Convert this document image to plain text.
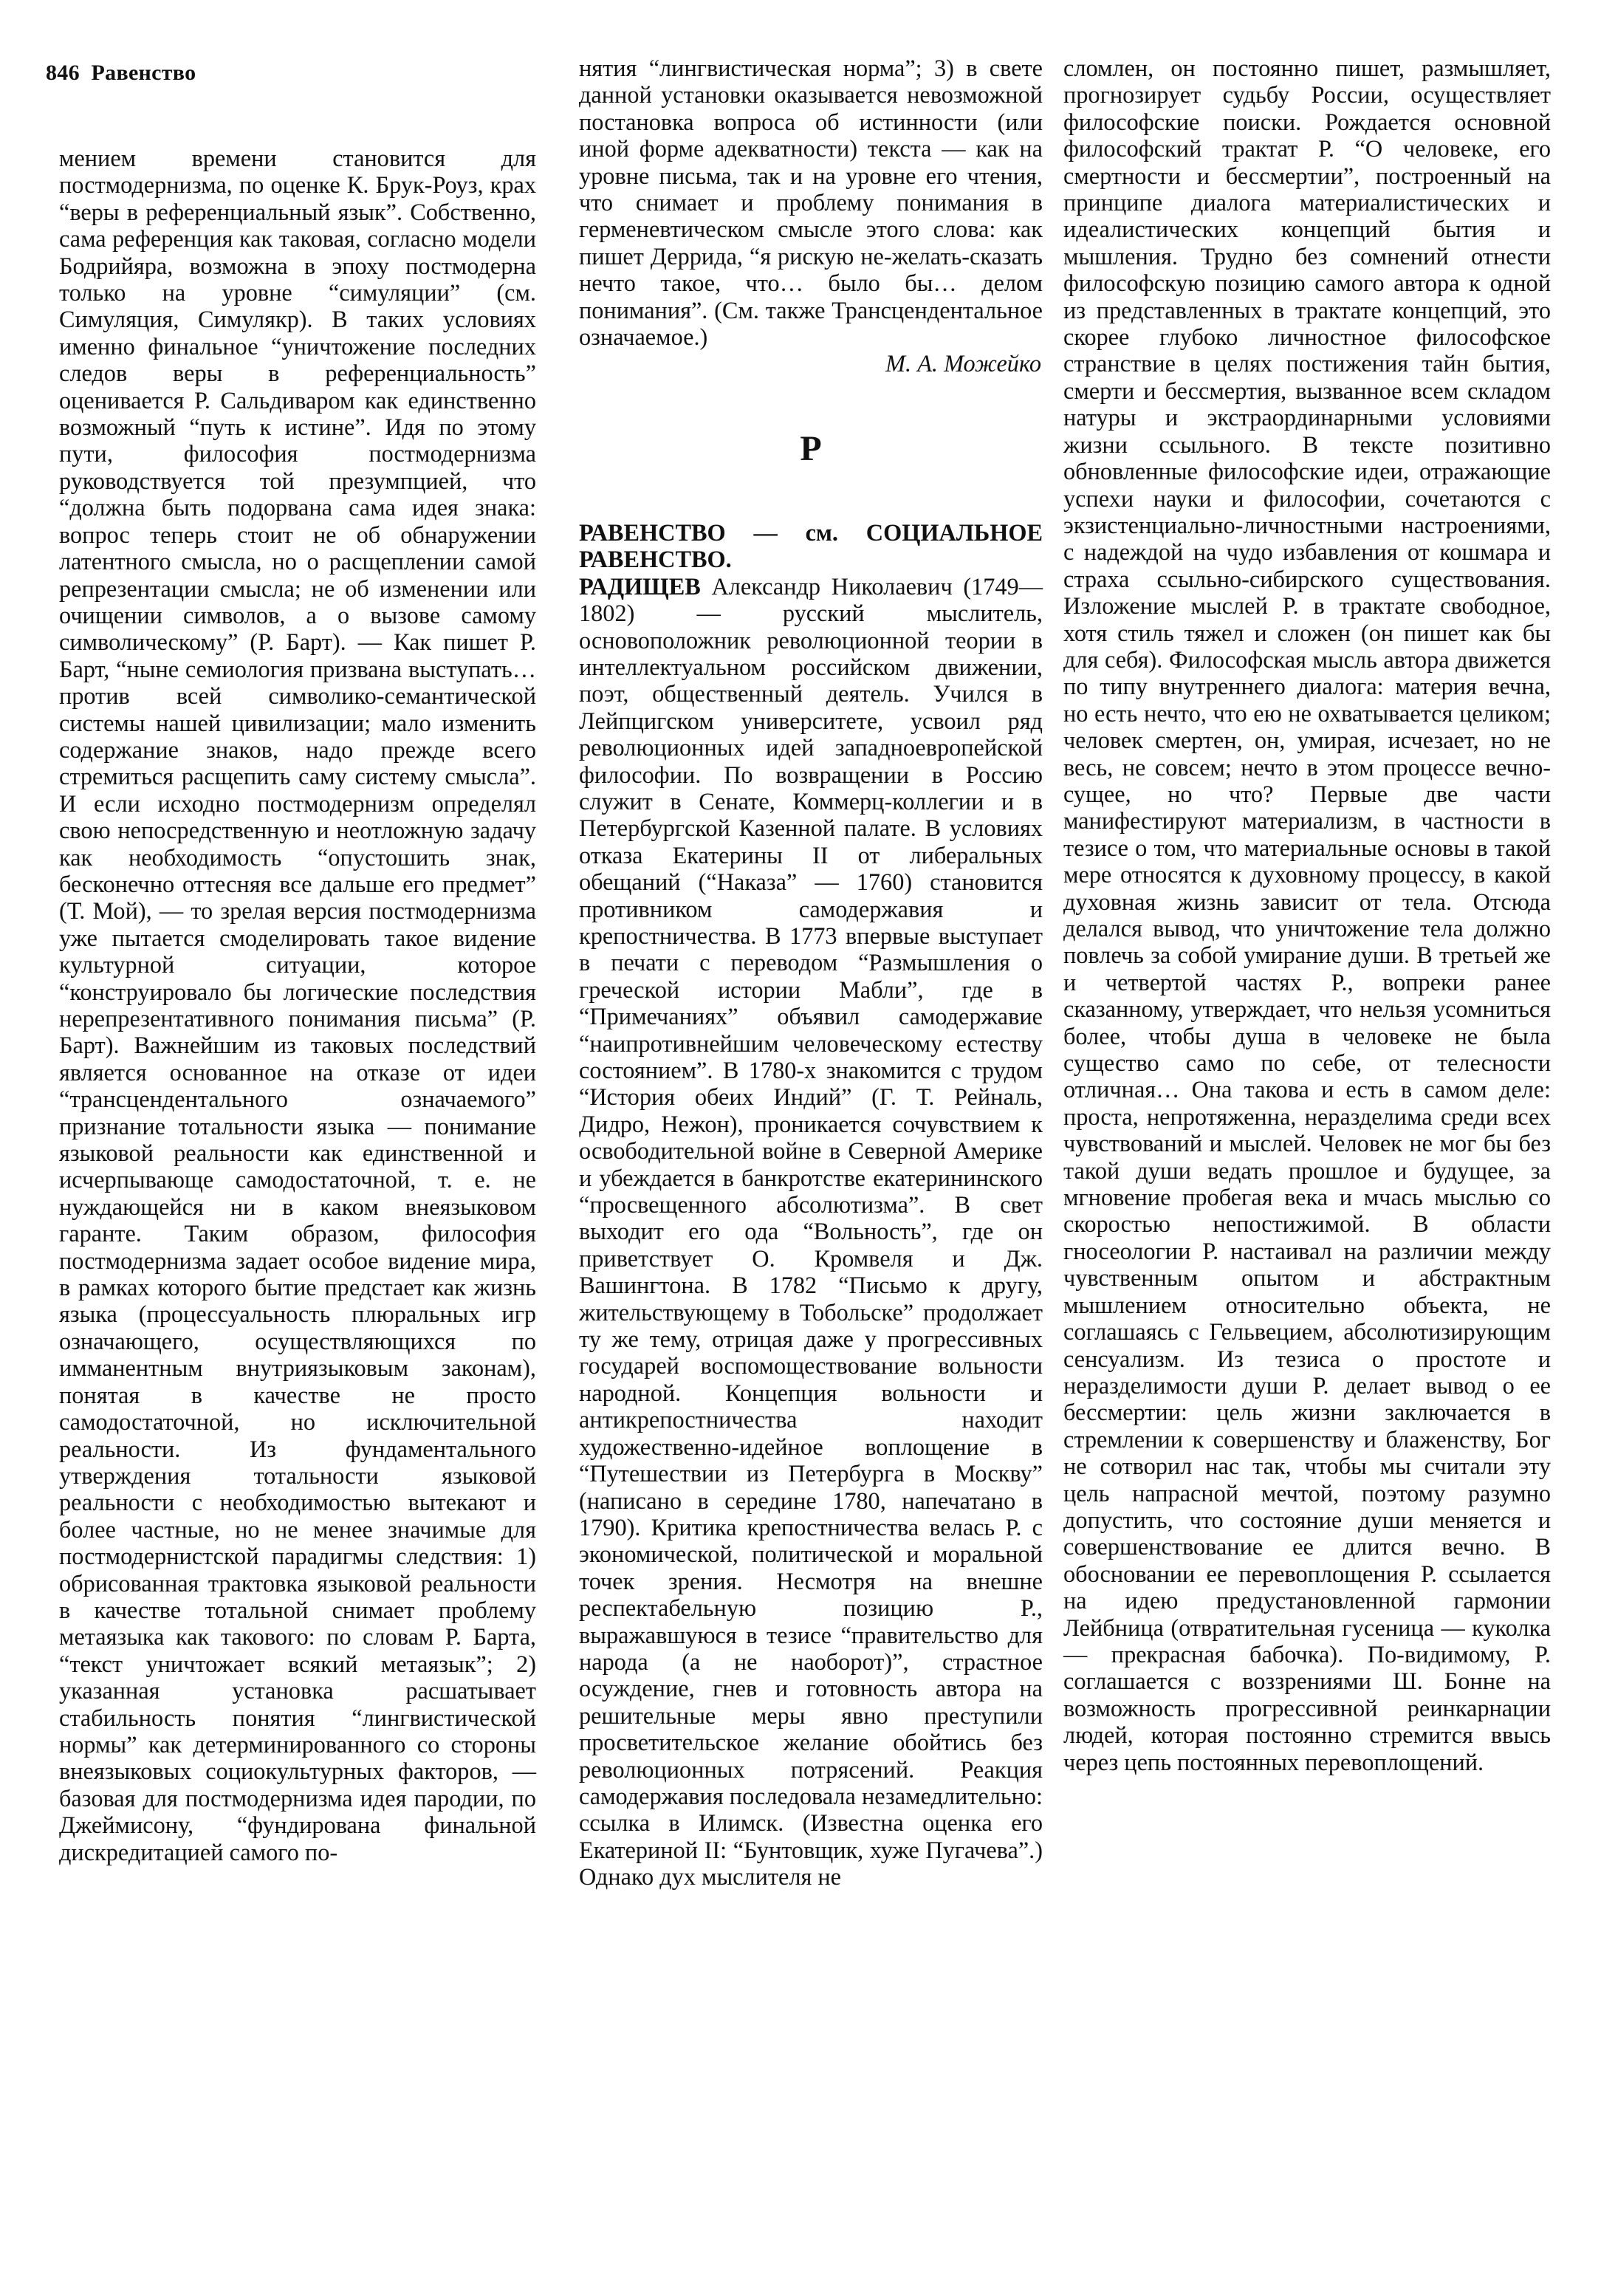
846 Равенство

мением времени становится для постмодернизма, по оценке К. Брук-Роуз, крах “веры в референциальный язык”. Собственно, сама референция как таковая, согласно модели Бодрийяра, возможна в эпоху постмодерна только на уровне “симуляции” (см. Симуляция, Симулякр). В таких условиях именно финальное “уничтожение последних следов веры в референциальность” оценивается Р. Сальдиваром как единственно возможный “путь к истине”. Идя по этому пути, философия постмодернизма руководствуется той презумпцией, что “должна быть подорвана сама идея знака: вопрос теперь стоит не об обнаружении латентного смысла, но о расщеплении самой репрезентации смысла; не об изменении или очищении символов, а о вызове самому символическому” (Р. Барт). — Как пишет Р. Барт, “ныне семиология призвана выступать… против всей символико-семантической системы нашей цивилизации; мало изменить содержание знаков, надо прежде всего стремиться расщепить саму систему смысла”. И если исходно постмодернизм определял свою непосредственную и неотложную задачу как необходимость “опустошить знак, бесконечно оттесняя все дальше его предмет” (Т. Мой), — то зрелая версия постмодернизма уже пытается смоделировать такое видение культурной ситуации, которое “конструировало бы логические последствия нерепрезентативного понимания письма” (Р. Барт). Важнейшим из таковых последствий является основанное на отказе от идеи “трансцендентального означаемого” признание тотальности языка — понимание языковой реальности как единственной и исчерпывающе самодостаточной, т. е. не нуждающейся ни в каком внеязыковом гаранте. Таким образом, философия постмодернизма задает особое видение мира, в рамках которого бытие предстает как жизнь языка (процессуальность плюральных игр означающего, осуществляющихся по имманентным внутриязыковым законам), понятая в качестве не просто самодостаточной, но исключительной реальности. Из фундаментального утверждения тотальности языковой реальности с необходимостью вытекают и более частные, но не менее значимые для постмодернистской парадигмы следствия: 1) обрисованная трактовка языковой реальности в качестве тотальной снимает проблему метаязыка как такового: по словам Р. Барта, “текст уничтожает всякий метаязык”; 2) указанная установка расшатывает стабильность понятия “лингвистической нормы” как детерминированного со стороны внеязыковых социокультурных факторов, — базовая для постмодернизма идея пародии, по Джеймисону, “фундирована финальной дискредитацией самого по-

нятия “лингвистическая норма”; 3) в свете данной установки оказывается невозможной постановка вопроса об истинности (или иной форме адекватности) текста — как на уровне письма, так и на уровне его чтения, что снимает и проблему понимания в герменевтическом смысле этого слова: как пишет Деррида, “я рискую не-желать-сказать нечто такое, что… было бы… делом понимания”. (См. также Трансцендентальное означаемое.)

М. А. Можейко

Р

РАВЕНСТВО — см. СОЦИАЛЬНОЕ РАВЕНСТВО.

РАДИЩЕВ Александр Николаевич (1749—1802) — русский мыслитель, основоположник революционной теории в интеллектуальном российском движении, поэт, общественный деятель. Учился в Лейпцигском университете, усвоил ряд революционных идей западноевропейской философии. По возвращении в Россию служит в Сенате, Коммерц-коллегии и в Петербургской Казенной палате. В условиях отказа Екатерины II от либеральных обещаний (“Наказа” — 1760) становится противником самодержавия и крепостничества. В 1773 впервые выступает в печати с переводом “Размышления о греческой истории Мабли”, где в “Примечаниях” объявил самодержавие “наипротивнейшим человеческому естеству состоянием”. В 1780-х знакомится с трудом “История обеих Индий” (Г. Т. Рейналь, Дидро, Нежон), проникается сочувствием к освободительной войне в Северной Америке и убеждается в банкротстве екатерининского “просвещенного абсолютизма”. В свет выходит его ода “Вольность”, где он приветствует О. Кромвеля и Дж. Вашингтона. В 1782 “Письмо к другу, жительствующему в Тобольске” продолжает ту же тему, отрицая даже у прогрессивных государей воспомоществование вольности народной. Концепция вольности и антикрепостничества находит художественно-идейное воплощение в “Путешествии из Петербурга в Москву” (написано в середине 1780, напечатано в 1790). Критика крепостничества велась Р. с экономической, политической и моральной точек зрения. Несмотря на внешне респектабельную позицию Р., выражавшуюся в тезисе “правительство для народа (а не наоборот)”, страстное осуждение, гнев и готовность автора на решительные меры явно преступили просветительское желание обойтись без революционных потрясений. Реакция самодержавия последовала незамедлительно: ссылка в Илимск. (Известна оценка его Екатериной II: “Бунтовщик, хуже Пугачева”.) Однако дух мыслителя не

сломлен, он постоянно пишет, размышляет, прогнозирует судьбу России, осуществляет философские поиски. Рождается основной философский трактат Р. “О человеке, его смертности и бессмертии”, построенный на принципе диалога материалистических и идеалистических концепций бытия и мышления. Трудно без сомнений отнести философскую позицию самого автора к одной из представленных в трактате концепций, это скорее глубоко личностное философское странствие в целях постижения тайн бытия, смерти и бессмертия, вызванное всем складом натуры и экстраординарными условиями жизни ссыльного. В тексте позитивно обновленные философские идеи, отражающие успехи науки и философии, сочетаются с экзистенциально-личностными настроениями, с надеждой на чудо избавления от кошмара и страха ссыльно-сибирского существования. Изложение мыслей Р. в трактате свободное, хотя стиль тяжел и сложен (он пишет как бы для себя). Философская мысль автора движется по типу внутреннего диалога: материя вечна, но есть нечто, что ею не охватывается целиком; человек смертен, он, умирая, исчезает, но не весь, не совсем; нечто в этом процессе вечно-сущее, но что? Первые две части манифестируют материализм, в частности в тезисе о том, что материальные основы в такой мере относятся к духовному процессу, в какой духовная жизнь зависит от тела. Отсюда делался вывод, что уничтожение тела должно повлечь за собой умирание души. В третьей же и четвертой частях Р., вопреки ранее сказанному, утверждает, что нельзя усомниться более, чтобы душа в человеке не была существо само по себе, от телесности отличная… Она такова и есть в самом деле: проста, непротяженна, неразделима среди всех чувствований и мыслей. Человек не мог бы без такой души ведать прошлое и будущее, за мгновение пробегая века и мчась мыслью со скоростью непостижимой. В области гносеологии Р. настаивал на различии между чувственным опытом и абстрактным мышлением относительно объекта, не соглашаясь с Гельвецием, абсолютизирующим сенсуализм. Из тезиса о простоте и неразделимости души Р. делает вывод о ее бессмертии: цель жизни заключается в стремлении к совершенству и блаженству, Бог не сотворил нас так, чтобы мы считали эту цель напрасной мечтой, поэтому разумно допустить, что состояние души меняется и совершенствование ее длится вечно. В обосновании ее перевоплощения Р. ссылается на идею предустановленной гармонии Лейбница (отвратительная гусеница — куколка — прекрасная бабочка). По-видимому, Р. соглашается с воззрениями Ш. Бонне на возможность прогрессивной реинкарнации людей, которая постоянно стремится ввысь через цепь постоянных перевоплощений.
